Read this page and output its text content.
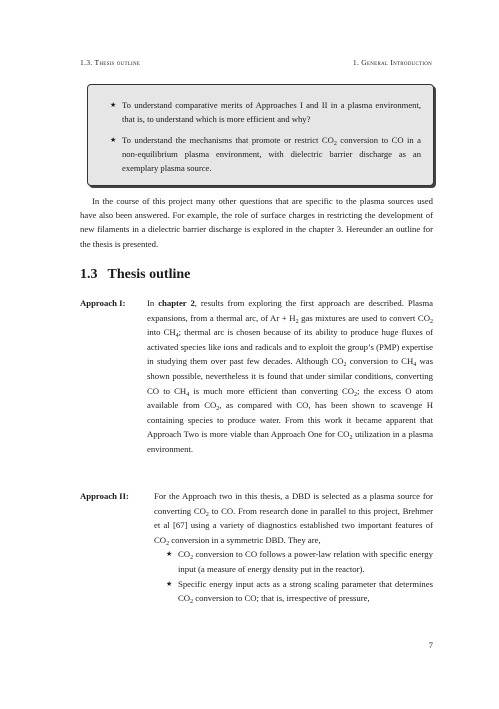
1.3. Thesis outline	1. General Introduction
★ To understand comparative merits of Approaches I and II in a plasma environment, that is, to understand which is more efficient and why?
★ To understand the mechanisms that promote or restrict $CO_2$ conversion to CO in a non-equilibrium plasma environment, with dielectric barrier discharge as an exemplary plasma source.

In the course of this project many other questions that are specific to the plasma sources used have also been answered. For example, the role of surface charges in restricting the development of new filaments in a dielectric barrier discharge is explored in the chapter 3. Hereunder an outline for the thesis is presented.

1.3 Thesis outline
Approach I: In chapter 2, results from exploring the first approach are described. Plasma expansions, from a thermal arc, of $Ar + H_2$ gas mixtures are used to convert $CO_2$ into $CH_4$; thermal arc is chosen because of its ability to produce huge fluxes of activated species like ions and radicals and to exploit the group’s (PMP) expertise in studying them over past few decades. Although $CO_2$ conversion to $CH_4$ was shown possible, nevertheless it is found that under similar conditions, converting CO to $CH_4$ is much more efficient than converting $CO_2$; the excess O atom available from $CO_2$, as compared with CO, has been shown to scavenge H containing species to produce water. From this work it became apparent that Approach Two is more viable than Approach One for $CO_2$ utilization in a plasma environment.
Approach II:	For the Approach two in this thesis, a DBD is selected as a plasma source for converting $CO_2$ to CO. From research done in parallel to this project, Brehmer et al [67] using a variety of diagnostics established two important features of $CO_2$ conversion in a symmetric DBD. They are,
★ $CO_2$ conversion to CO follows a power-law relation with specific energy input (a measure of energy density put in the reactor).
★ Specific energy input acts as a strong scaling parameter that determines $CO_2$ conversion to CO; that is, irrespective of pressure,
7
